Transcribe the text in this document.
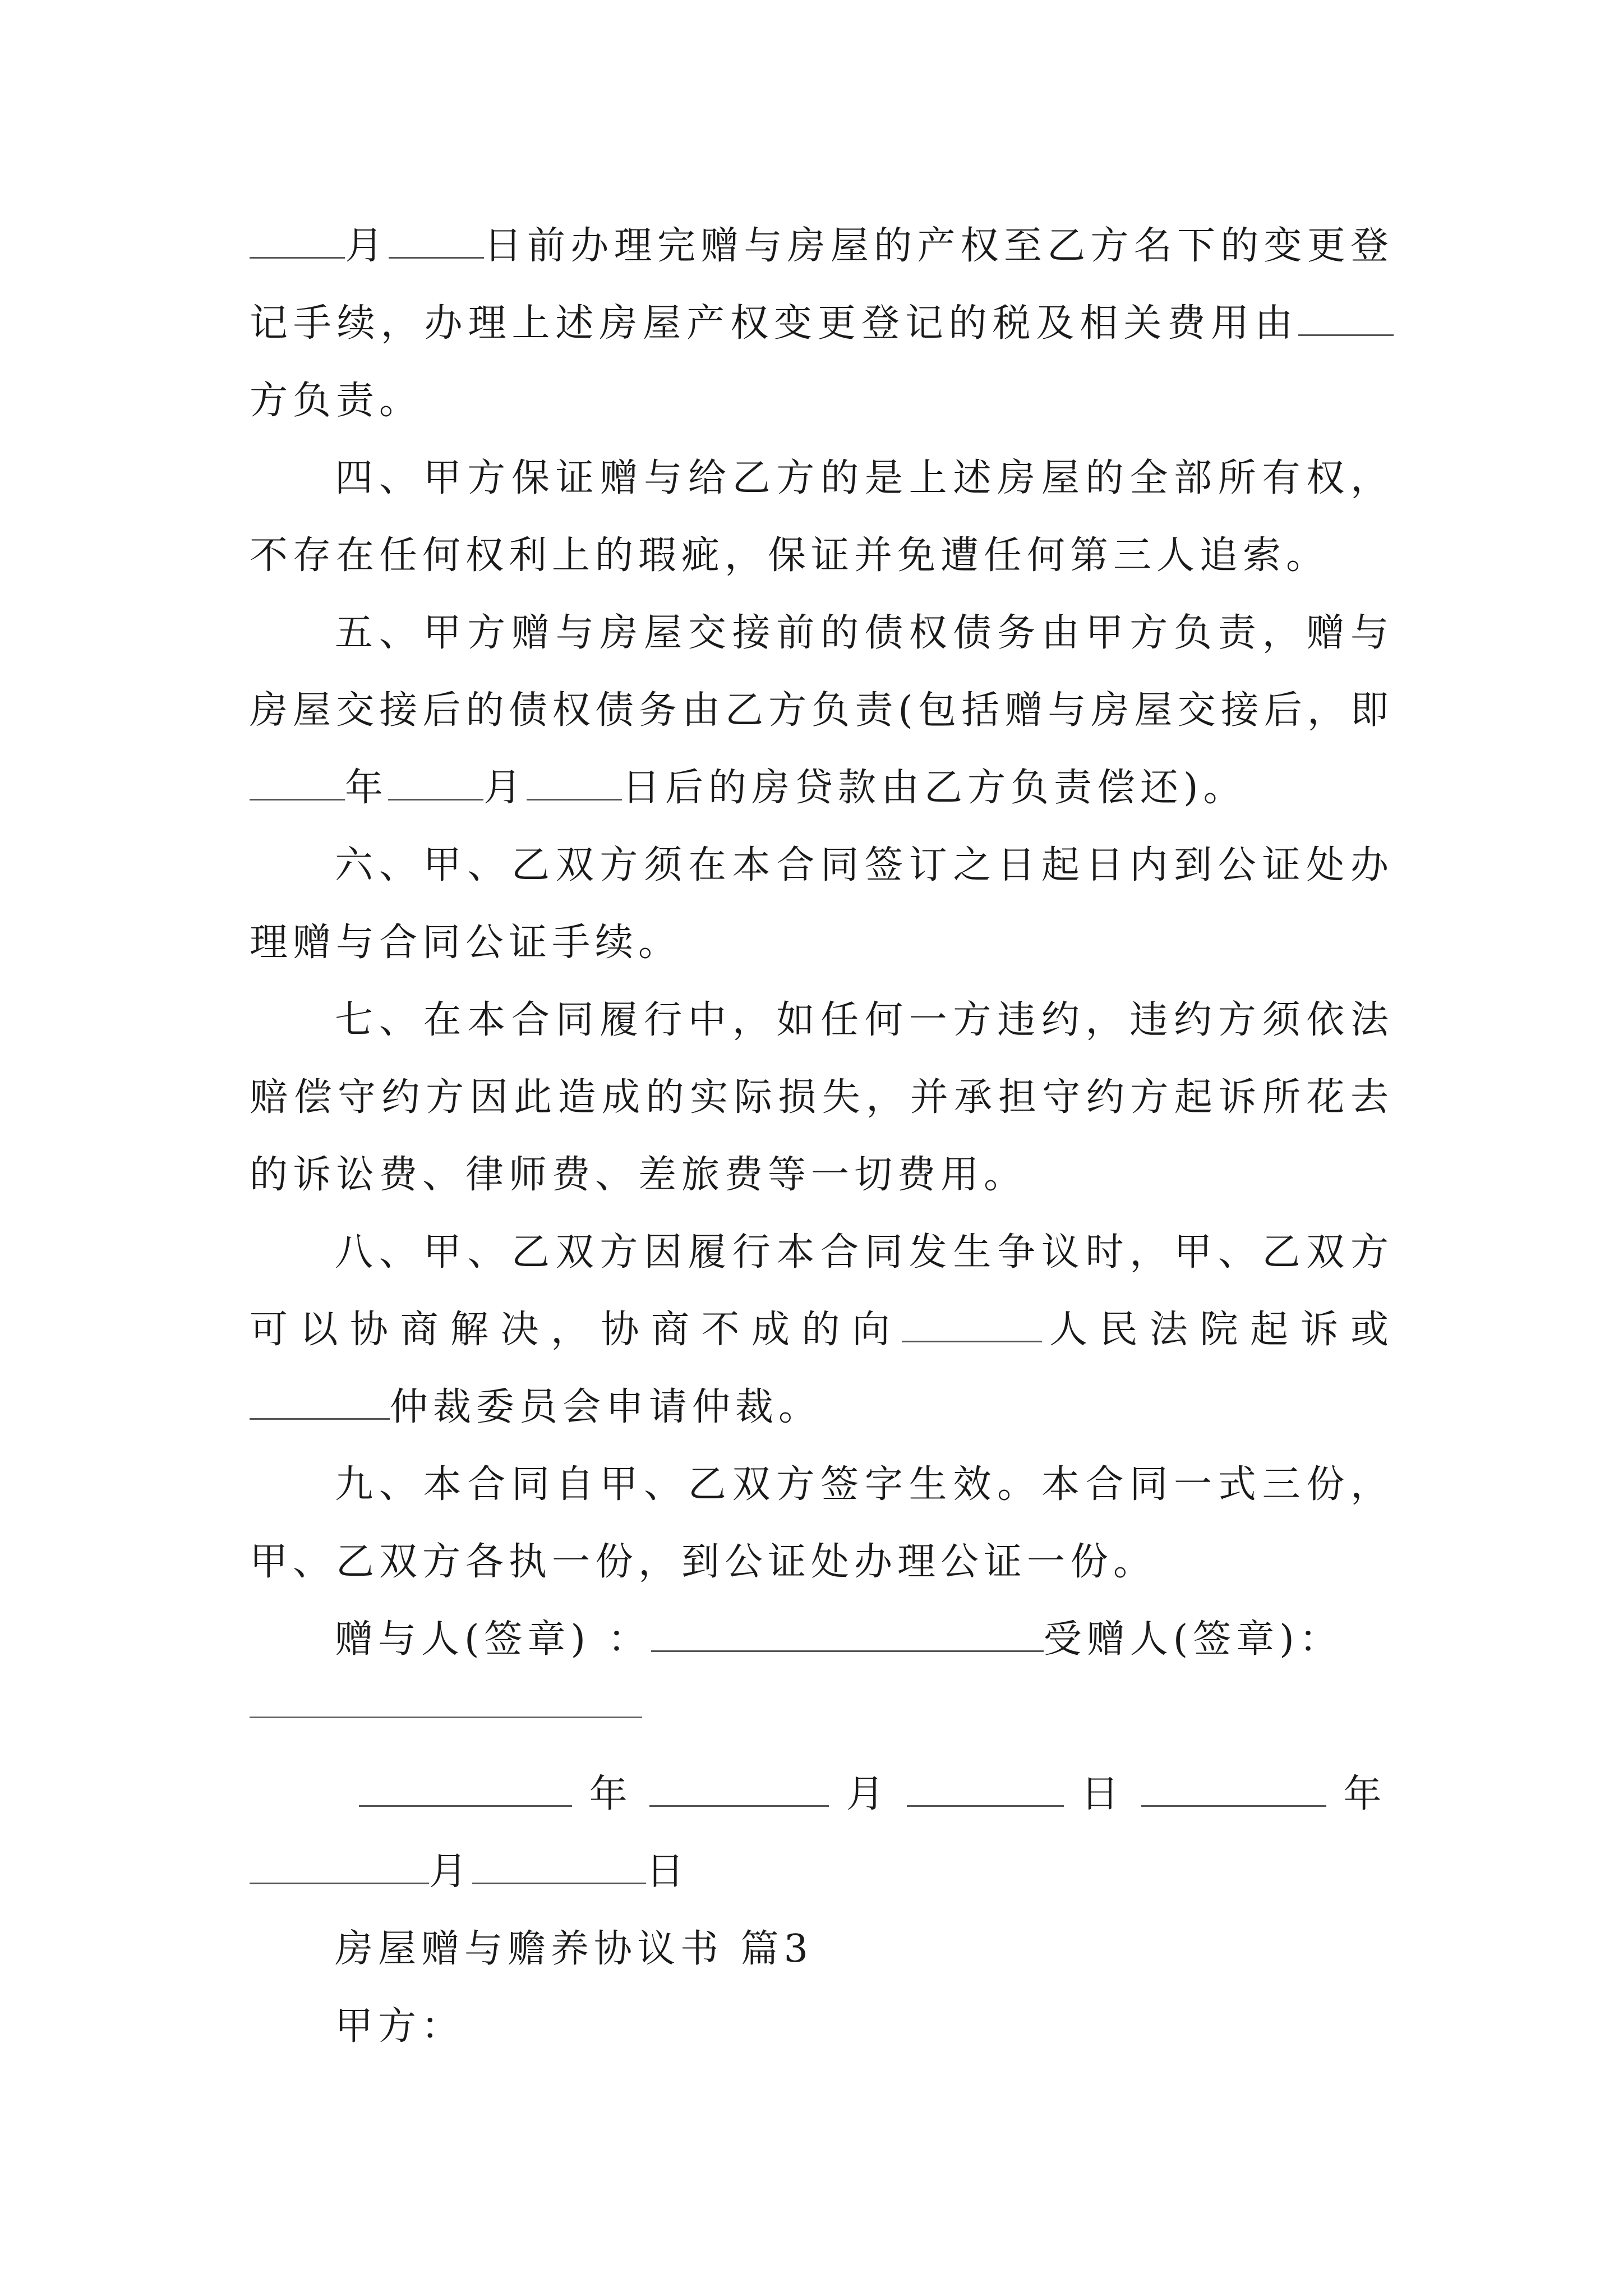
月	日前办理完赠与房屋的产权至乙方名下的变更登记手续，办理上述房屋产权变更登记的税及相关费用由方负责。

四、甲方保证赠与给乙方的是上述房屋的全部所有权，不存在任何权利上的瑕疵，保证并免遭任何第三人追索。

五、甲方赠与房屋交接前的债权债务由甲方负责，赠与房屋交接后的债权债务由乙方负责(包括赠与房屋交接后，即年	月	日后的房贷款由乙方负责偿还)。

六、甲、乙双方须在本合同签订之日起日内到公证处办理赠与合同公证手续。

七、在本合同履行中，如任何一方违约，违约方须依法赔偿守约方因此造成的实际损失，并承担守约方起诉所花去的诉讼费、律师费、差旅费等一切费用。

八、甲、乙双方因履行本合同发生争议时，甲、乙双方可以协商解决，协商不成的向	人民法院起诉或仲裁委员会申请仲裁。

九、本合同自甲、乙双方签字生效。本合同一式三份，甲、乙双方各执一份，到公证处办理公证一份。

赠与人(签章) ：	受赠人(签章)：

年	月	日	年

月	日

房屋赠与赡养协议书 篇3

甲方：
